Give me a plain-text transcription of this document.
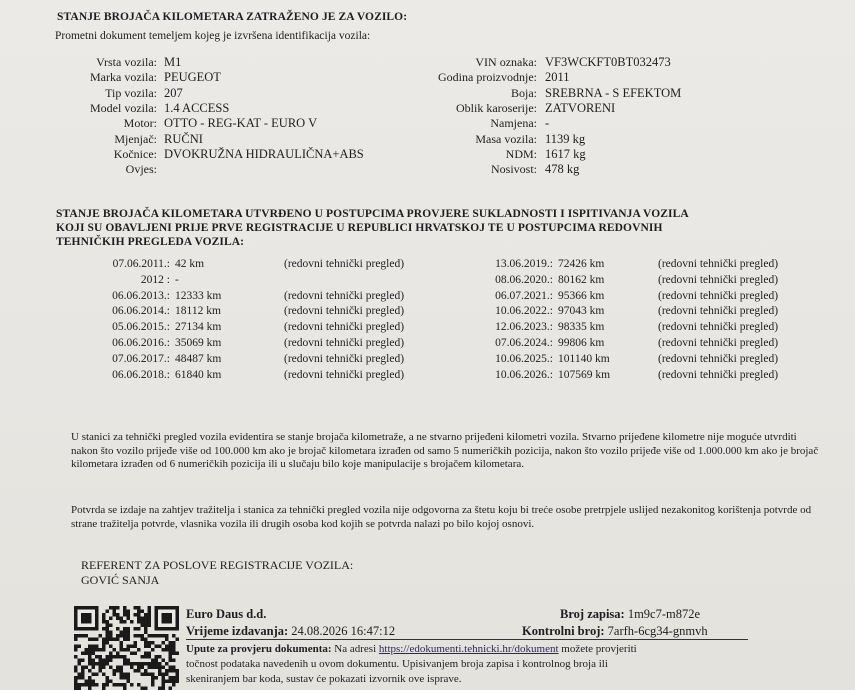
STANJE BROJAČA KILOMETARA ZATRAŽENO JE ZA VOZILO:
Prometni dokument temeljem kojeg je izvršena identifikacija vozila:
Vrsta vozila: M1
Marka vozila: PEUGEOT
Tip vozila: 207
Model vozila: 1.4 ACCESS
Motor: OTTO - REG-KAT - EURO V
Mjenjač: RUČNI
Kočnice: DVOKRUŽNA HIDRAULIČNA+ABS
Ovjes:
VIN oznaka: VF3WCKFT0BT032473
Godina proizvodnje: 2011
Boja: SREBRNA - S EFEKTOM
Oblik karoserije: ZATVORENI
Namjena: -
Masa vozila: 1139 kg
NDM: 1617 kg
Nosivost: 478 kg
STANJE BROJAČA KILOMETARA UTVRĐENO U POSTUPCIMA PROVJERE SUKLADNOSTI I ISPITIVANJA VOZILA
KOJI SU OBAVLJENI PRIJE PRVE REGISTRACIJE U REPUBLICI HRVATSKOJ TE U POSTUPCIMA REDOVNIH
TEHNIČKIH PREGLEDA VOZILA:
07.06.2011.: 42 km	(redovni tehnički pregled)
2012 : -
06.06.2013.: 12333 km	(redovni tehnički pregled)
06.06.2014.: 18112 km	(redovni tehnički pregled)
05.06.2015.: 27134 km	(redovni tehnički pregled)
06.06.2016.: 35069 km	(redovni tehnički pregled)
07.06.2017.: 48487 km	(redovni tehnički pregled)
06.06.2018.: 61840 km	(redovni tehnički pregled)
13.06.2019.: 72426 km	(redovni tehnički pregled)
08.06.2020.: 80162 km	(redovni tehnički pregled)
06.07.2021.: 95366 km	(redovni tehnički pregled)
10.06.2022.: 97043 km	(redovni tehnički pregled)
12.06.2023.: 98335 km	(redovni tehnički pregled)
07.06.2024.: 99806 km	(redovni tehnički pregled)
10.06.2025.: 101140 km	(redovni tehnički pregled)
10.06.2026.: 107569 km	(redovni tehnički pregled)
U stanici za tehnički pregled vozila evidentira se stanje brojača kilometraže, a ne stvarno prijeđeni kilometri vozila. Stvarno prijeđene kilometre nije moguće utvrditi nakon što vozilo prijeđe više od 100.000 km ako je brojač kilometara izrađen od samo 5 numeričkih pozicija, nakon što vozilo prijeđe više od 1.000.000 km ako je brojač kilometara izrađen od 6 numeričkih pozicija ili u slučaju bilo koje manipulacije s brojačem kilometara.
Potvrda se izdaje na zahtjev tražitelja i stanica za tehnički pregled vozila nije odgovorna za štetu koju bi treće osobe pretrpjele uslijed nezakonitog korištenja potvrde od strane tražitelja potvrde, vlasnika vozila ili drugih osoba kod kojih se potvrda nalazi po bilo kojoj osnovi.
REFERENT ZA POSLOVE REGISTRACIJE VOZILA:
GOVIĆ SANJA
Euro Daus d.d.	Broj zapisa: 1m9c7-m872e
Vrijeme izdavanja: 24.08.2026 16:47:12	Kontrolni broj: 7arfh-6cg34-gnmvh
Upute za provjeru dokumenta: Na adresi https://edokumenti.tehnicki.hr/dokument možete provjeriti
točnost podataka navedenih u ovom dokumentu. Upisivanjem broja zapisa i kontrolnog broja ili
skeniranjem bar koda, sustav će pokazati izvornik ove isprave.
